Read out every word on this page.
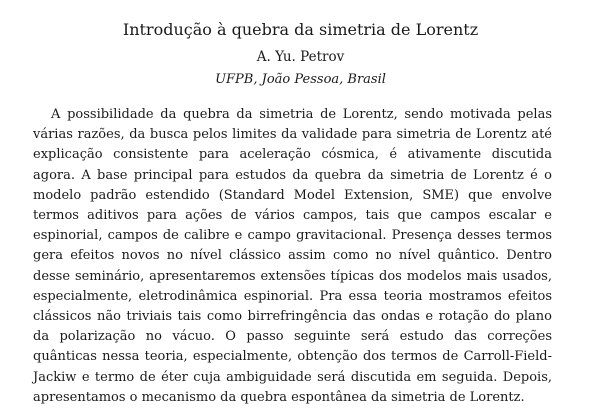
Introdução à quebra da simetria de Lorentz
A. Yu. Petrov
UFPB, João Pessoa, Brasil

A possibilidade da quebra da simetria de Lorentz, sendo motivada pelas várias razões, da busca pelos limites da validade para simetria de Lorentz até explicação consistente para aceleração cósmica, é ativamente discutida agora. A base principal para estudos da quebra da simetria de Lorentz é o modelo padrão estendido (Standard Model Extension, SME) que envolve termos aditivos para ações de vários campos, tais que campos escalar e espinorial, campos de calibre e campo gravitacional. Presença desses termos gera efeitos novos no nível clássico assim como no nível quântico. Dentro desse seminário, apresentaremos extensões típicas dos modelos mais usados, especialmente, eletrodinâmica espinorial. Pra essa teoria mostramos efeitos clássicos não triviais tais como birrefringência das ondas e rotação do plano da polarização no vácuo. O passo seguinte será estudo das correções quânticas nessa teoria, especialmente, obtenção dos termos de Carroll-Field-Jackiw e termo de éter cuja ambiguidade será discutida em seguida. Depois, apresentamos o mecanismo da quebra espontânea da simetria de Lorentz.
